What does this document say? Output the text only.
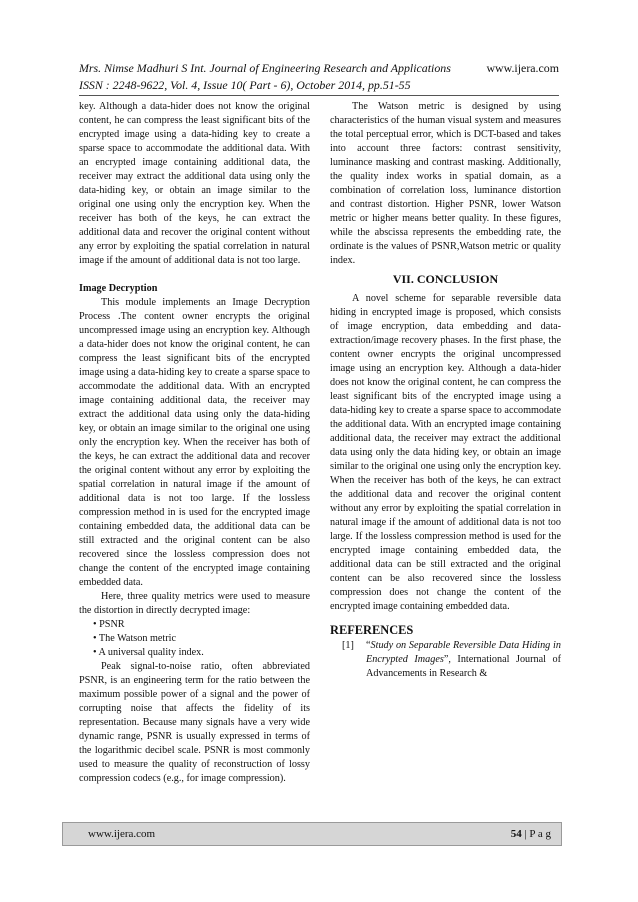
Mrs. Nimse Madhuri S Int. Journal of Engineering Research and Applications	www.ijera.com
ISSN : 2248-9622, Vol. 4, Issue 10( Part - 6), October 2014, pp.51-55

key. Although a data-hider does not know the original content, he can compress the least significant bits of the encrypted image using a data-hiding key to create a sparse space to accommodate the additional data. With an encrypted image containing additional data, the receiver may extract the additional data using only the data-hiding key, or obtain an image similar to the original one using only the encryption key. When the receiver has both of the keys, he can extract the additional data and recover the original content without any error by exploiting the spatial correlation in natural image if the amount of additional data is not too large.

Image Decryption

This module implements an Image Decryption Process .The content owner encrypts the original uncompressed image using an encryption key. Although a data-hider does not know the original content, he can compress the least significant bits of the encrypted image using a data-hiding key to create a sparse space to accommodate the additional data. With an encrypted image containing additional data, the receiver may extract the additional data using only the data-hiding key, or obtain an image similar to the original one using only the encryption key. When the receiver has both of the keys, he can extract the additional data and recover the original content without any error by exploiting the spatial correlation in natural image if the amount of additional data is not too large. If the lossless compression method in is used for the encrypted image containing embedded data, the additional data can be still extracted and the original content can be also recovered since the lossless compression does not change the content of the encrypted image containing embedded data.

Here, three quality metrics were used to measure the distortion in directly decrypted image:

• PSNR

• The Watson metric

• A universal quality index.

Peak signal-to-noise ratio, often abbreviated PSNR, is an engineering term for the ratio between the maximum possible power of a signal and the power of corrupting noise that affects the fidelity of its representation. Because many signals have a very wide dynamic range, PSNR is usually expressed in terms of the logarithmic decibel scale. PSNR is most commonly used to measure the quality of reconstruction of lossy compression codecs (e.g., for image compression).

The Watson metric is designed by using characteristics of the human visual system and measures the total perceptual error, which is DCT-based and takes into account three factors: contrast sensitivity, luminance masking and contrast masking. Additionally, the quality index works in spatial domain, as a combination of correlation loss, luminance distortion and contrast distortion. Higher PSNR, lower Watson metric or higher means better quality. In these figures, while the abscissa represents the embedding rate, the ordinate is the values of PSNR,Watson metric or quality index.

VII. CONCLUSION

A novel scheme for separable reversible data hiding in encrypted image is proposed, which consists of image encryption, data embedding and data-extraction/image recovery phases. In the first phase, the content owner encrypts the original uncompressed image using an encryption key. Although a data-hider does not know the original content, he can compress the least significant bits of the encrypted image using a data-hiding key to create a sparse space to accommodate the additional data. With an encrypted image containing additional data, the receiver may extract the additional data using only the data hiding key, or obtain an image similar to the original one using only the encryption key. When the receiver has both of the keys, he can extract the additional data and recover the original content without any error by exploiting the spatial correlation in natural image if the amount of additional data is not too large. If the lossless compression method is used for the encrypted image containing embedded data, the additional data can be still extracted and the original content can be also recovered since the lossless compression does not change the content of the encrypted image containing embedded data.

REFERENCES

[1] “Study on Separable Reversible Data Hiding in Encrypted Images”, International Journal of Advancements in Research &

www.ijera.com	54 | P a g
